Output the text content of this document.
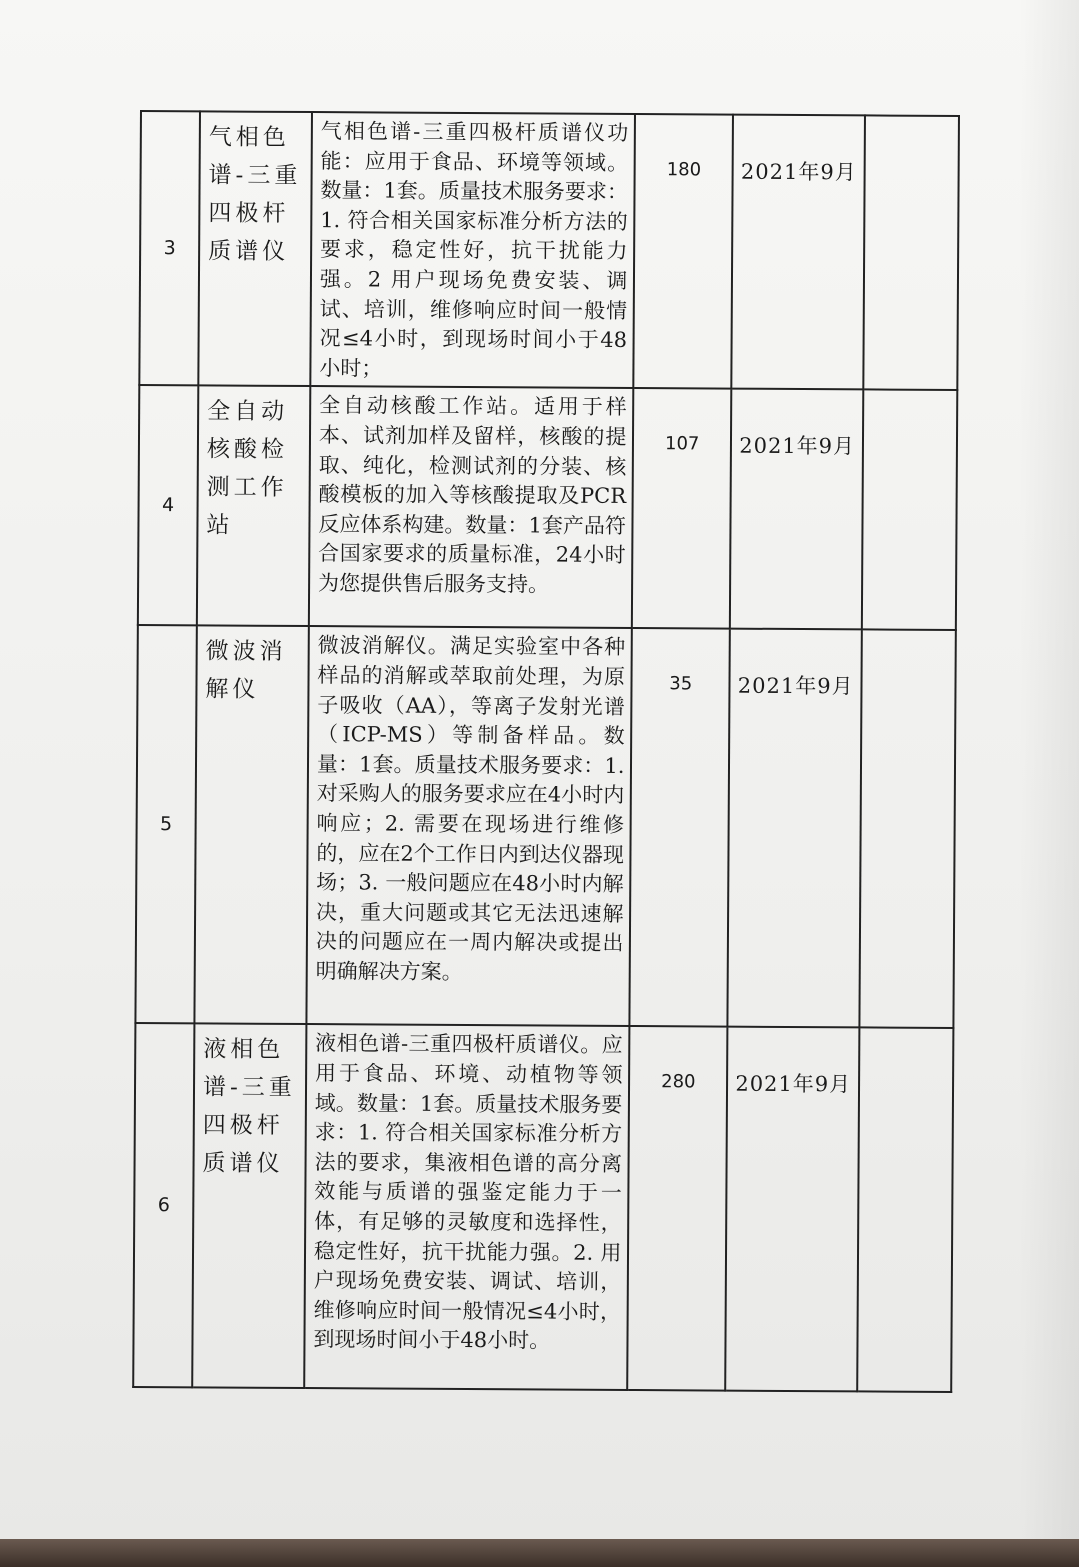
3	气相色谱-三重四极杆质谱仪	气相色谱-三重四极杆质谱仪功能：应用于食品、环境等领域。数量：1套。质量技术服务要求：1. 符合相关国家标准分析方法的要求，稳定性好，抗干扰能力强。2 用户现场免费安装、调试、培训，维修响应时间一般情况≤4小时，到现场时间小于48小时；	180	2021年9月	
4	全自动核酸检测工作站	全自动核酸工作站。适用于样本、试剂加样及留样，核酸的提取、纯化，检测试剂的分装、核酸模板的加入等核酸提取及PCR反应体系构建。数量：1套产品符合国家要求的质量标准，24小时为您提供售后服务支持。	107	2021年9月	
5	微波消解仪	微波消解仪。满足实验室中各种样品的消解或萃取前处理，为原子吸收（AA），等离子发射光谱（ICP-MS）等制备样品。数量：1套。质量技术服务要求：1. 对采购人的服务要求应在4小时内响应；2. 需要在现场进行维修的，应在2个工作日内到达仪器现场；3. 一般问题应在48小时内解决，重大问题或其它无法迅速解决的问题应在一周内解决或提出明确解决方案。	35	2021年9月	
6	液相色谱-三重四极杆质谱仪	液相色谱-三重四极杆质谱仪。应用于食品、环境、动植物等领域。数量：1套。质量技术服务要求：1. 符合相关国家标准分析方法的要求，集液相色谱的高分离效能与质谱的强鉴定能力于一体，有足够的灵敏度和选择性，稳定性好，抗干扰能力强。2. 用户现场免费安装、调试、培训，维修响应时间一般情况≤4小时，到现场时间小于48小时。	280	2021年9月	
